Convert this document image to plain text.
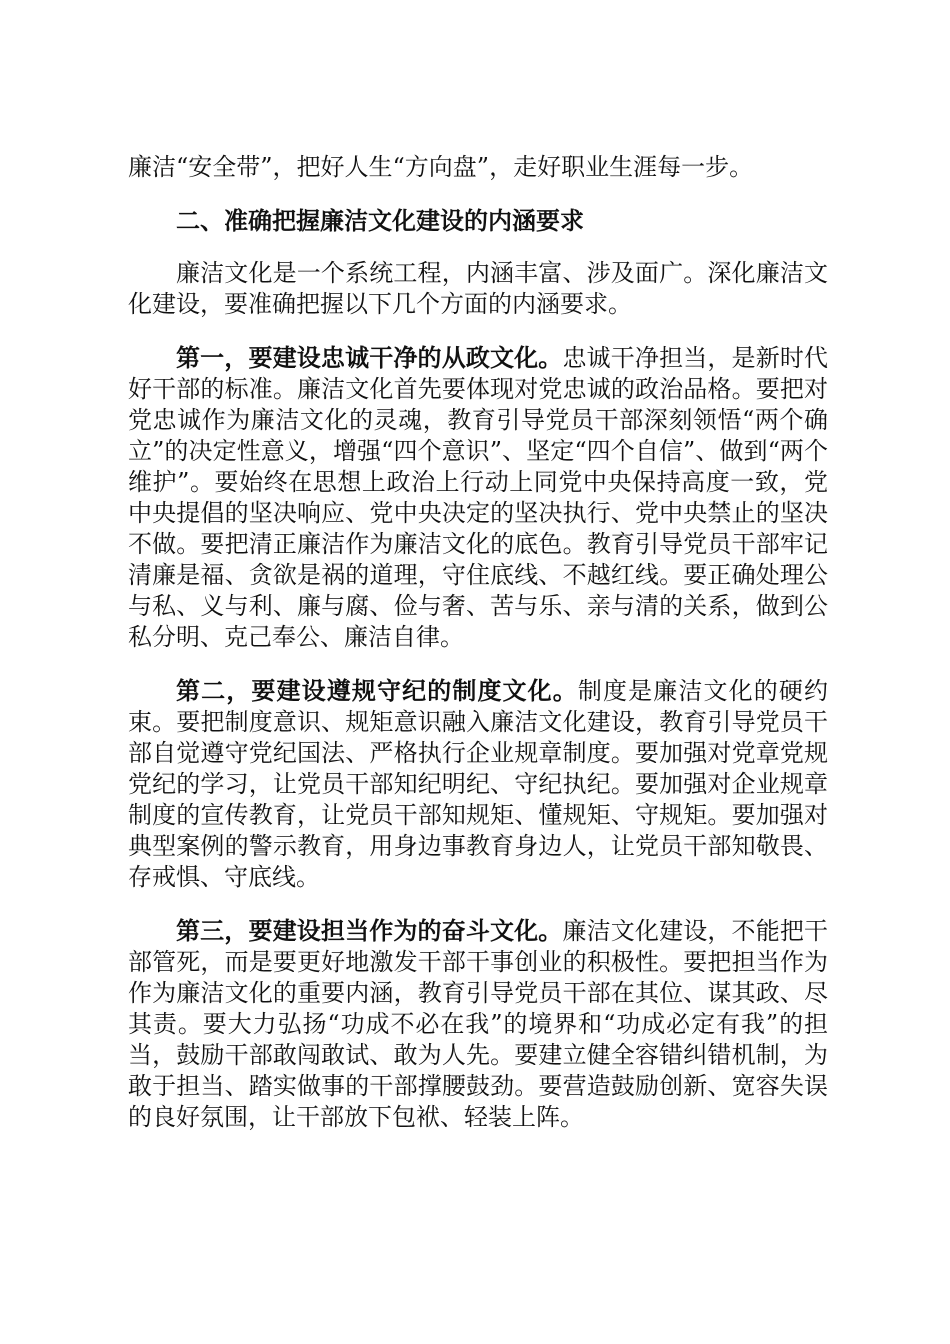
廉洁“安全带”，把好人生“方向盘”，走好职业生涯每一步。

二、准确把握廉洁文化建设的内涵要求

廉洁文化是一个系统工程，内涵丰富、涉及面广。深化廉洁文化建设，要准确把握以下几个方面的内涵要求。

第一，要建设忠诚干净的从政文化。忠诚干净担当，是新时代好干部的标准。廉洁文化首先要体现对党忠诚的政治品格。要把对党忠诚作为廉洁文化的灵魂，教育引导党员干部深刻领悟“两个确立”的决定性意义，增强“四个意识”、坚定“四个自信”、做到“两个维护”。要始终在思想上政治上行动上同党中央保持高度一致，党中央提倡的坚决响应、党中央决定的坚决执行、党中央禁止的坚决不做。要把清正廉洁作为廉洁文化的底色。教育引导党员干部牢记清廉是福、贪欲是祸的道理，守住底线、不越红线。要正确处理公与私、义与利、廉与腐、俭与奢、苦与乐、亲与清的关系，做到公私分明、克己奉公、廉洁自律。

第二，要建设遵规守纪的制度文化。制度是廉洁文化的硬约束。要把制度意识、规矩意识融入廉洁文化建设，教育引导党员干部自觉遵守党纪国法、严格执行企业规章制度。要加强对党章党规党纪的学习，让党员干部知纪明纪、守纪执纪。要加强对企业规章制度的宣传教育，让党员干部知规矩、懂规矩、守规矩。要加强对典型案例的警示教育，用身边事教育身边人，让党员干部知敬畏、存戒惧、守底线。

第三，要建设担当作为的奋斗文化。廉洁文化建设，不能把干部管死，而是要更好地激发干部干事创业的积极性。要把担当作为作为廉洁文化的重要内涵，教育引导党员干部在其位、谋其政、尽其责。要大力弘扬“功成不必在我”的境界和“功成必定有我”的担当，鼓励干部敢闯敢试、敢为人先。要建立健全容错纠错机制，为敢于担当、踏实做事的干部撑腰鼓劲。要营造鼓励创新、宽容失误的良好氛围，让干部放下包袱、轻装上阵。
